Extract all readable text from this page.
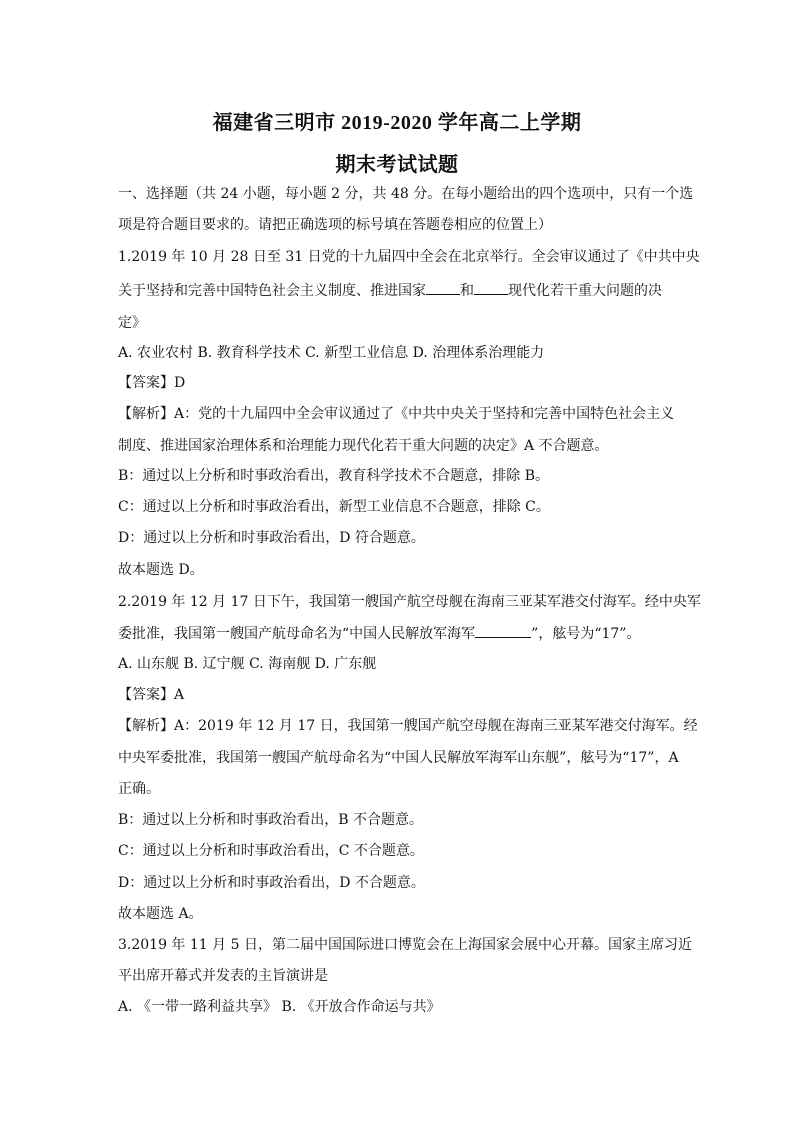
福建省三明市 2019-2020 学年高二上学期
期末考试试题
一、选择题（共 24 小题，每小题 2 分，共 48 分。在每小题给出的四个选项中，只有一个选
项是符合题目要求的。请把正确选项的标号填在答题卷相应的位置上）
1.2019 年 10 月 28 日至 31 日党的十九届四中全会在北京举行。全会审议通过了《中共中央
关于坚持和完善中国特色社会主义制度、推进国家 和 现代化若干重大问题的决
定》
A. 农业农村 B. 教育科学技术 C. 新型工业信息 D. 治理体系治理能力
【答案】D
【解析】A：党的十九届四中全会审议通过了《中共中央关于坚持和完善中国特色社会主义
制度、推进国家治理体系和治理能力现代化若干重大问题的决定》A 不合题意。
B：通过以上分析和时事政治看出，教育科学技术不合题意，排除 B。
C：通过以上分析和时事政治看出，新型工业信息不合题意，排除 C。
D：通过以上分析和时事政治看出，D 符合题意。
故本题选 D。
2.2019 年 12 月 17 日下午，我国第一艘国产航空母舰在海南三亚某军港交付海军。经中央军
委批准，我国第一艘国产航母命名为“中国人民解放军海军	”，舷号为“17”。
A. 山东舰 B. 辽宁舰 C. 海南舰 D. 广东舰
【答案】A
【解析】A：2019 年 12 月 17 日，我国第一艘国产航空母舰在海南三亚某军港交付海军。经
中央军委批准，我国第一艘国产航母命名为“中国人民解放军海军山东舰”，舷号为“17”，A
正确。
B：通过以上分析和时事政治看出，B 不合题意。
C：通过以上分析和时事政治看出，C 不合题意。
D：通过以上分析和时事政治看出，D 不合题意。
故本题选 A。
3.2019 年 11 月 5 日，第二届中国国际进口博览会在上海国家会展中心开幕。国家主席习近
平出席开幕式并发表的主旨演讲是
A. 《一带一路利益共享》 B. 《开放合作命运与共》
